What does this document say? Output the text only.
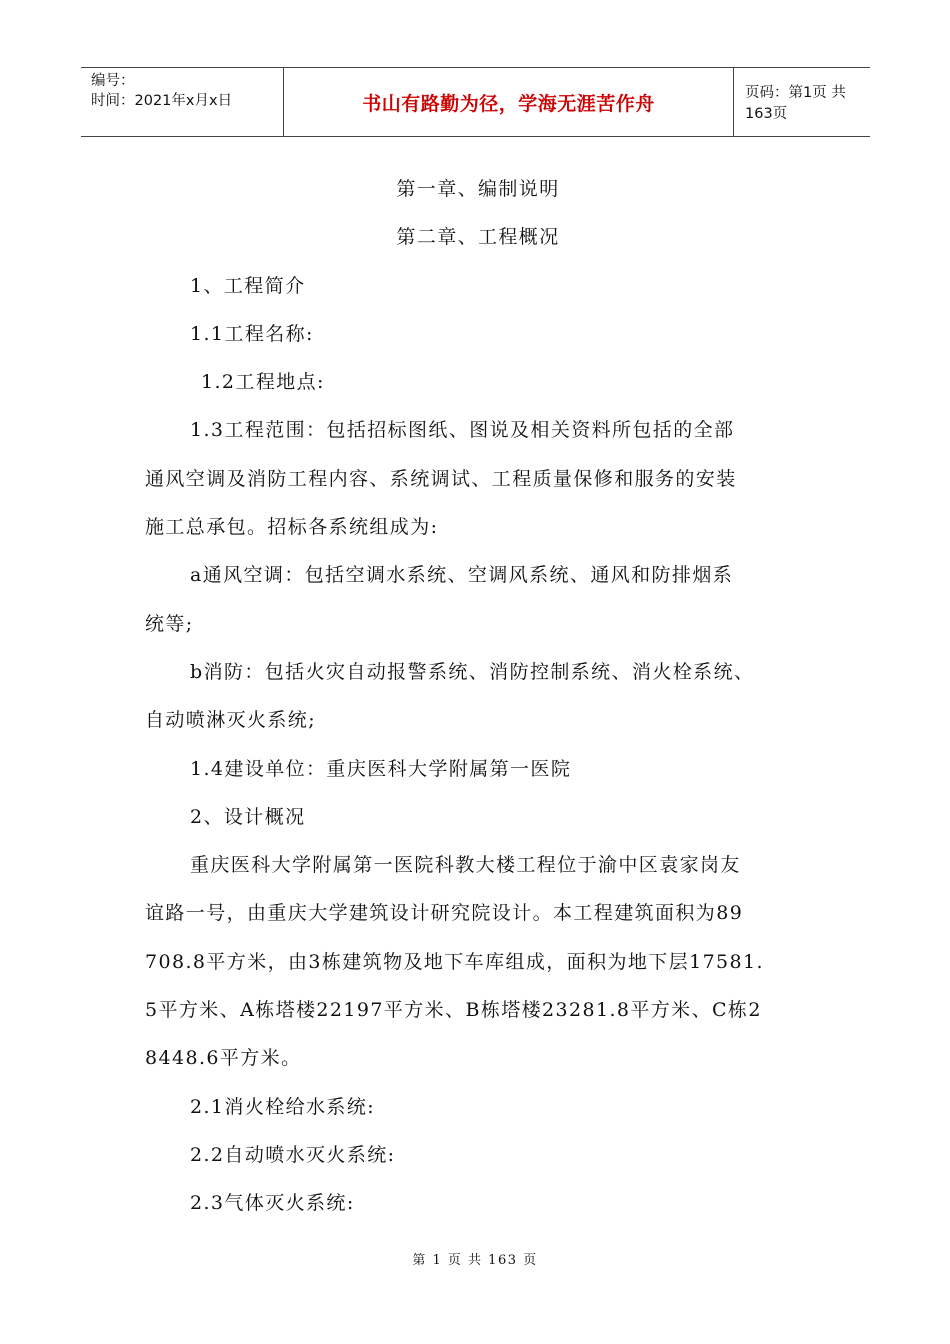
编号：
时间：2021年x月x日	书山有路勤为径，学海无涯苦作舟	页码：第1页 共163页

第一章、编制说明

第二章、工程概况

1、工程简介

1.1工程名称:

1.2工程地点:

1.3工程范围：包括招标图纸、图说及相关资料所包括的全部

通风空调及消防工程内容、系统调试、工程质量保修和服务的安装

施工总承包。招标各系统组成为:

a通风空调：包括空调水系统、空调风系统、通风和防排烟系

统等;

b消防：包括火灾自动报警系统、消防控制系统、消火栓系统、

自动喷淋灭火系统;

1.4建设单位：重庆医科大学附属第一医院

2、设计概况

重庆医科大学附属第一医院科教大楼工程位于渝中区袁家岗友

谊路一号，由重庆大学建筑设计研究院设计。本工程建筑面积为89

708.8平方米，由3栋建筑物及地下车库组成，面积为地下层17581.

5平方米、A栋塔楼22197平方米、B栋塔楼23281.8平方米、C栋2

8448.6平方米。

2.1消火栓给水系统:

2.2自动喷水灭火系统:

2.3气体灭火系统:

第 1 页 共 163 页
